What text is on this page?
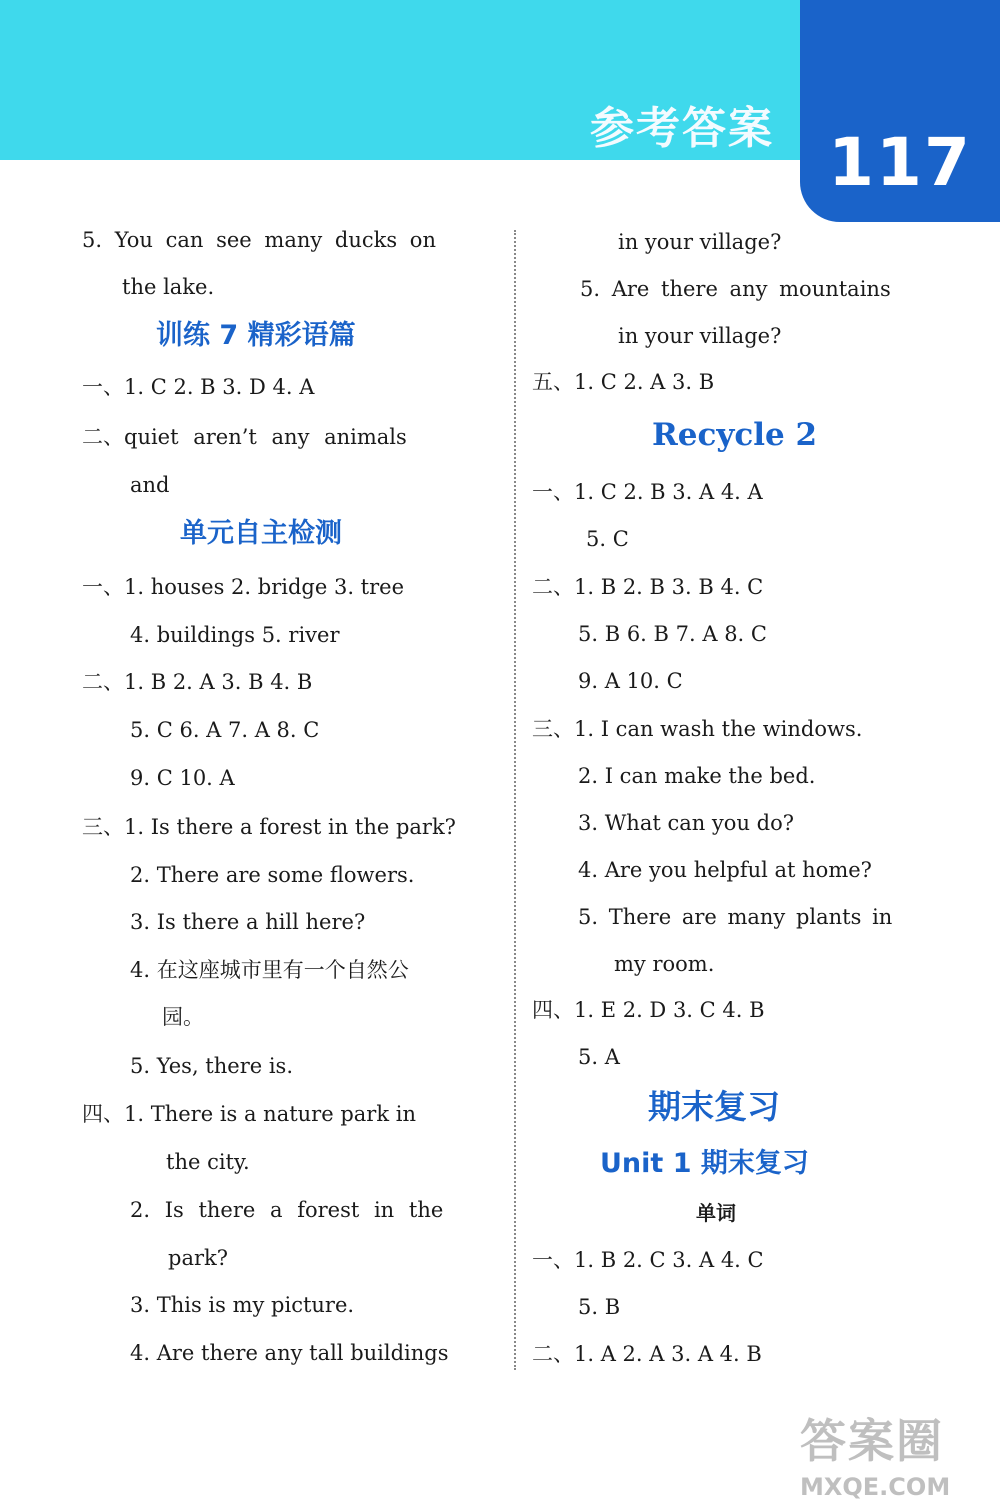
参考答案 117
5. You can see many ducks on
the lake.
训练 7 精彩语篇
一、1. C 2. B 3. D 4. A
二、quiet aren’t any animals
and
单元自主检测
一、1. houses 2. bridge 3. tree
4. buildings 5. river
二、1. B 2. A 3. B 4. B
5. C 6. A 7. A 8. C
9. C 10. A
三、1. Is there a forest in the park?
2. There are some flowers.
3. Is there a hill here?
4. 在这座城市里有一个自然公
园。
5. Yes, there is.
四、1. There is a nature park in
the city.
2. Is there a forest in the
park?
3. This is my picture.
4. Are there any tall buildings
in your village?
5. Are there any mountains
in your village?
五、1. C 2. A 3. B
Recycle 2
一、1. C 2. B 3. A 4. A
5. C
二、1. B 2. B 3. B 4. C
5. B 6. B 7. A 8. C
9. A 10. C
三、1. I can wash the windows.
2. I can make the bed.
3. What can you do?
4. Are you helpful at home?
5. There are many plants in
my room.
四、1. E 2. D 3. C 4. B
5. A
期末复习
Unit 1 期末复习
单词
一、1. B 2. C 3. A 4. C
5. B
二、1. A 2. A 3. A 4. B
答案圈
MXQE.COM
